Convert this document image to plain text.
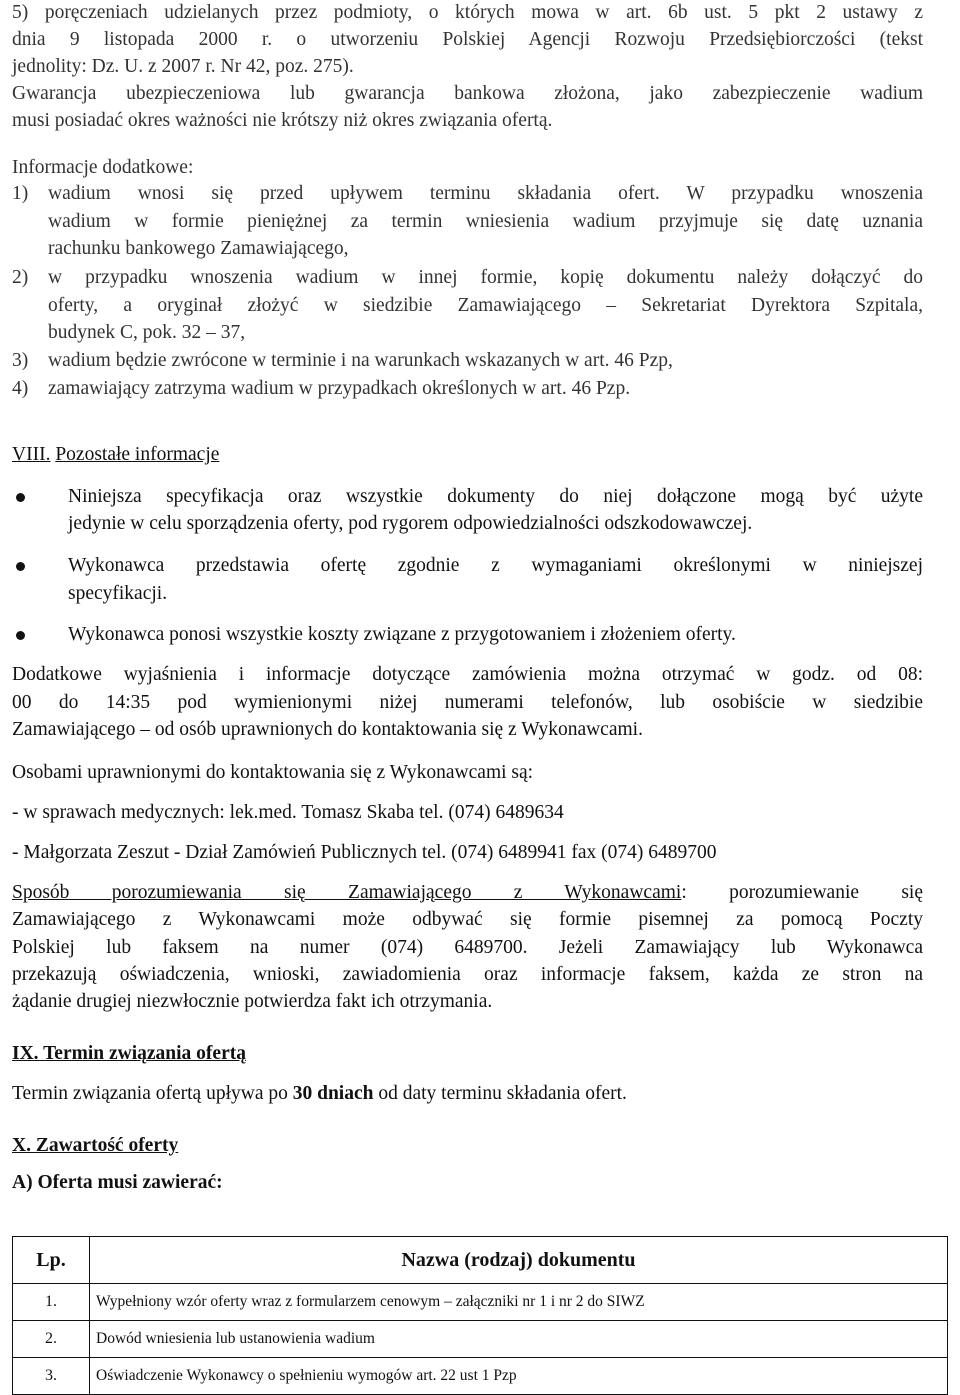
5) poręczeniach udzielanych przez podmioty, o których mowa w art. 6b ust. 5 pkt 2 ustawy z
dnia 9 listopada 2000 r. o utworzeniu Polskiej Agencji Rozwoju Przedsiębiorczości (tekst
jednolity: Dz. U. z 2007 r. Nr 42, poz. 275).
Gwarancja ubezpieczeniowa lub gwarancja bankowa złożona, jako zabezpieczenie wadium
musi posiadać okres ważności nie krótszy niż okres związania ofertą.
Informacje dodatkowe:
1) wadium wnosi się przed upływem terminu składania ofert. W przypadku wnoszenia
wadium w formie pieniężnej za termin wniesienia wadium przyjmuje się datę uznania
rachunku bankowego Zamawiającego,
2) w przypadku wnoszenia wadium w innej formie, kopię dokumentu należy dołączyć do
oferty, a oryginał złożyć w siedzibie Zamawiającego – Sekretariat Dyrektora Szpitala,
budynek C, pok. 32 – 37,
3) wadium będzie zwrócone w terminie i na warunkach wskazanych w art. 46 Pzp,
4) zamawiający zatrzyma wadium w przypadkach określonych w art. 46 Pzp.
VIII. Pozostałe informacje
Niniejsza specyfikacja oraz wszystkie dokumenty do niej dołączone mogą być użyte
jedynie w celu sporządzenia oferty, pod rygorem odpowiedzialności odszkodowawczej.
Wykonawca przedstawia ofertę zgodnie z wymaganiami określonymi w niniejszej
specyfikacji.
Wykonawca ponosi wszystkie koszty związane z przygotowaniem i złożeniem oferty.
Dodatkowe wyjaśnienia i informacje dotyczące zamówienia można otrzymać w godz. od 08:
00 do 14:35 pod wymienionymi niżej numerami telefonów, lub osobiście w siedzibie
Zamawiającego – od osób uprawnionych do kontaktowania się z Wykonawcami.
Osobami uprawnionymi do kontaktowania się z Wykonawcami są:
- w sprawach medycznych: lek.med. Tomasz Skaba tel. (074) 6489634
- Małgorzata Zeszut - Dział Zamówień Publicznych tel. (074) 6489941 fax (074) 6489700
Sposób porozumiewania się Zamawiającego z Wykonawcami: porozumiewanie się
Zamawiającego z Wykonawcami może odbywać się formie pisemnej za pomocą Poczty
Polskiej lub faksem na numer (074) 6489700. Jeżeli Zamawiający lub Wykonawca
przekazują oświadczenia, wnioski, zawiadomienia oraz informacje faksem, każda ze stron na
żądanie drugiej niezwłocznie potwierdza fakt ich otrzymania.
IX. Termin związania ofertą
Termin związania ofertą upływa po 30 dniach od daty terminu składania ofert.
X. Zawartość oferty
A) Oferta musi zawierać:
Lp.	Nazwa (rodzaj) dokumentu
1.	Wypełniony wzór oferty wraz z formularzem cenowym – załączniki nr 1 i nr 2 do SIWZ
2.	Dowód wniesienia lub ustanowienia wadium
3.	Oświadczenie Wykonawcy o spełnieniu wymogów art. 22 ust 1 Pzp
